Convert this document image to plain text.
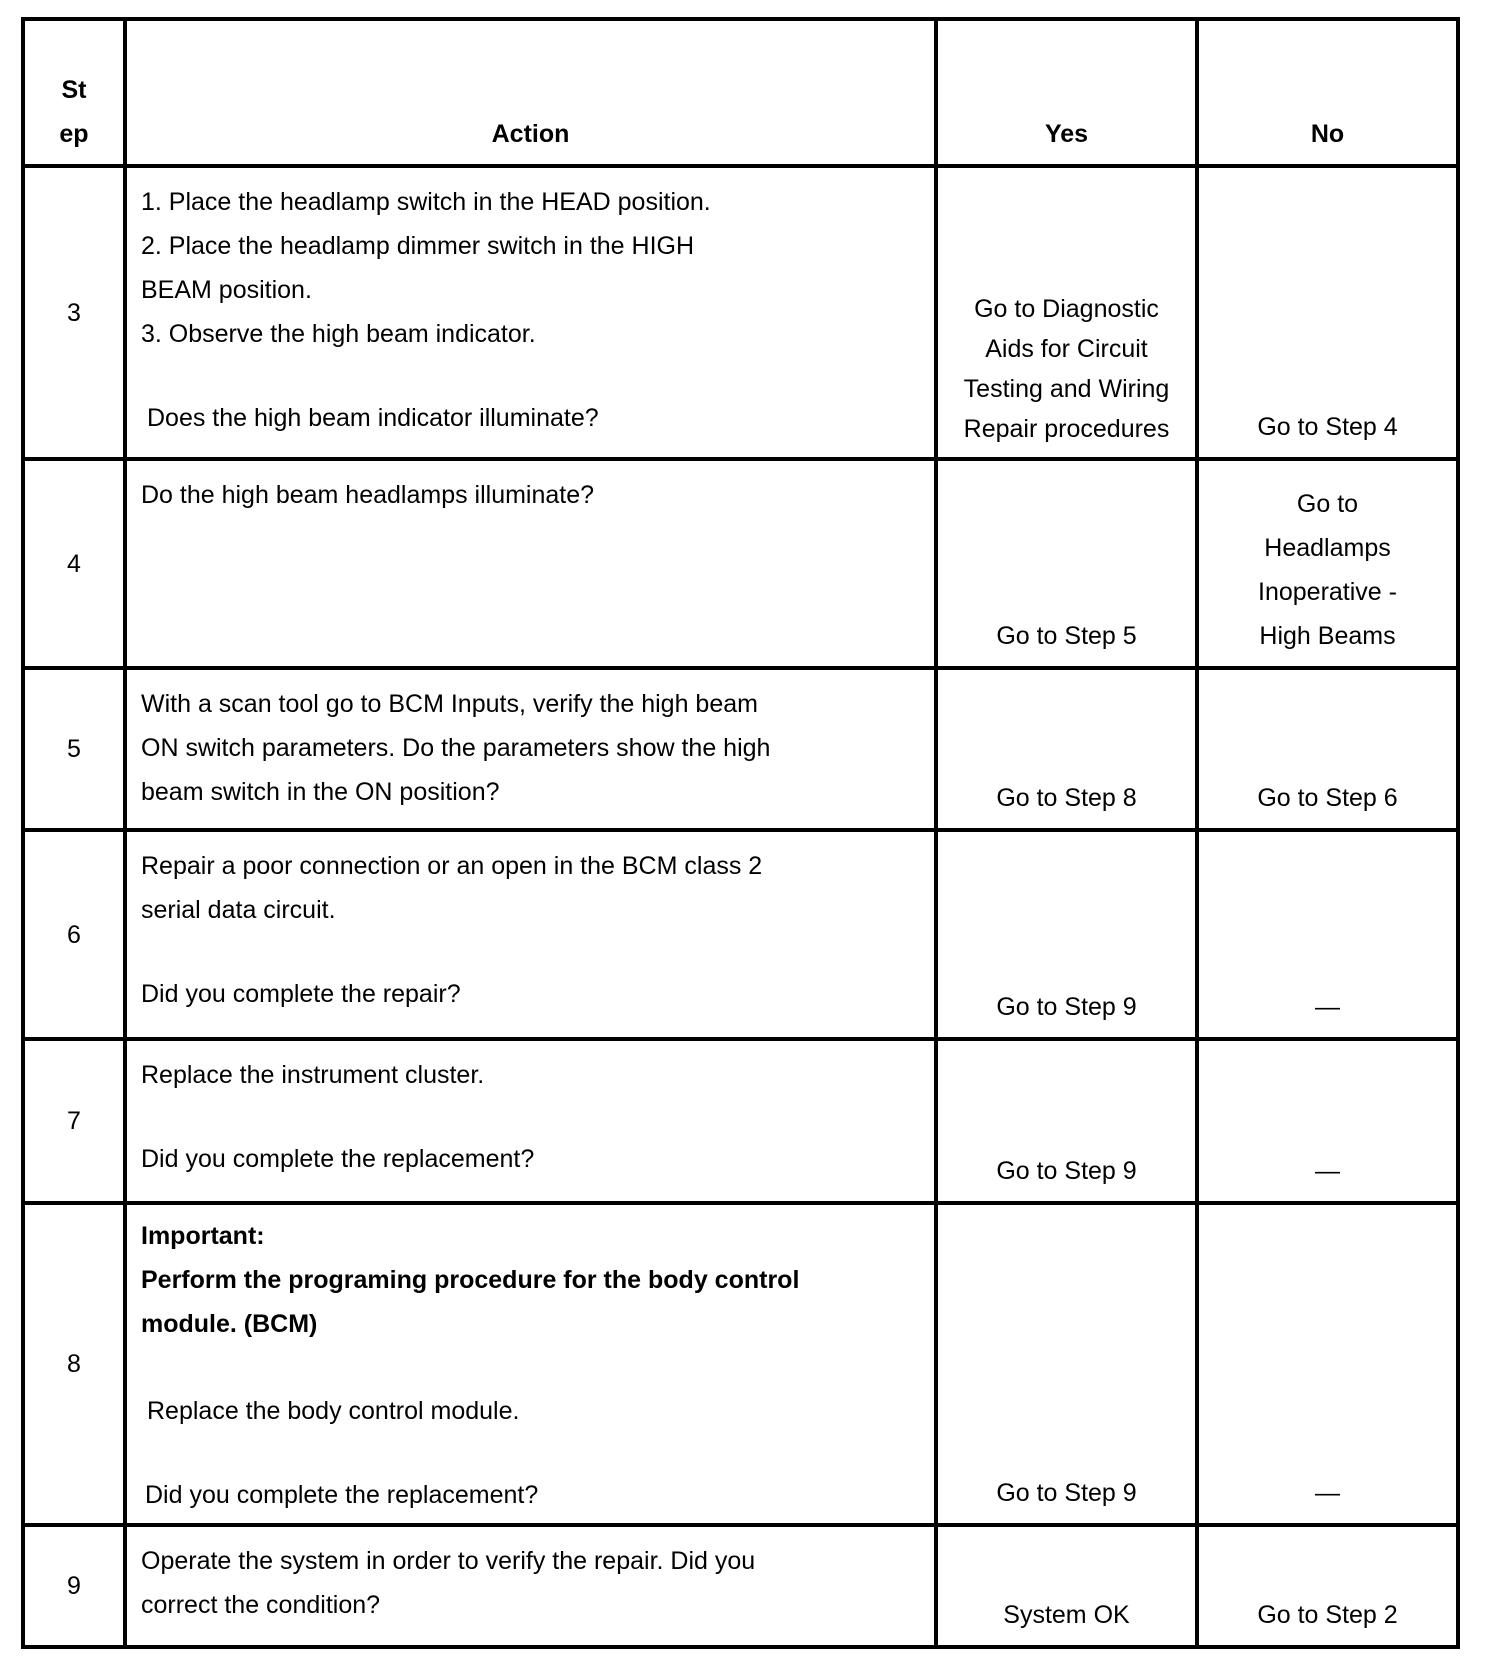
St
ep	Action	Yes	No
3	1. Place the headlamp switch in the HEAD position.
2. Place the headlamp dimmer switch in the HIGH
BEAM position.
3. Observe the high beam indicator.
Does the high beam indicator illuminate?	Go to Diagnostic
Aids for Circuit
Testing and Wiring
Repair procedures	Go to Step 4
4	Do the high beam headlamps illuminate?	Go to Step 5	Go to
Headlamps
Inoperative -
High Beams

5	With a scan tool go to BCM Inputs, verify the high beam
ON switch parameters. Do the parameters show the high
beam switch in the ON position?	Go to Step 8	Go to Step 6
6	Repair a poor connection or an open in the BCM class 2
serial data circuit.
Did you complete the repair?	Go to Step 9	—
7	Replace the instrument cluster.
Did you complete the replacement?	Go to Step 9	—
8	Important:
Perform the programing procedure for the body control
module. (BCM)
Replace the body control module.
Did you complete the replacement?	Go to Step 9	—
9	Operate the system in order to verify the repair. Did you
correct the condition?	System OK	Go to Step 2
